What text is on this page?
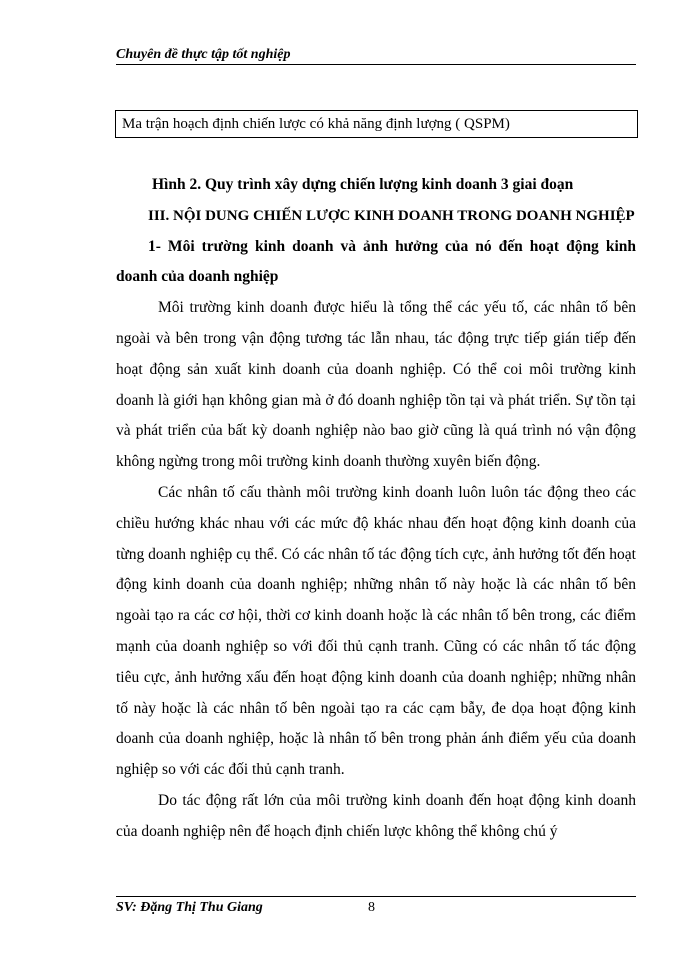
Chuyên đề thực tập tốt nghiệp
Ma trận hoạch định chiến lược có khả năng định lượng ( QSPM)

Hình 2. Quy trình xây dựng chiến lượng kinh doanh 3 giai đoạn

III. NỘI DUNG CHIẾN LƯỢC KINH DOANH TRONG DOANH NGHIỆP

1- Môi trường kinh doanh và ảnh hưởng của nó đến hoạt động kinh doanh của doanh nghiệp

Môi trường kinh doanh được hiểu là tổng thể các yếu tố, các nhân tố bên ngoài và bên trong vận động tương tác lẫn nhau, tác động trực tiếp gián tiếp đến hoạt động sản xuất kinh doanh của doanh nghiệp. Có thể coi môi trường kinh doanh là giới hạn không gian mà ở đó doanh nghiệp tồn tại và phát triển. Sự tồn tại và phát triển của bất kỳ doanh nghiệp nào bao giờ cũng là quá trình nó vận động không ngừng trong môi trường kinh doanh thường xuyên biến động.

Các nhân tố cấu thành môi trường kinh doanh luôn luôn tác động theo các chiều hướng khác nhau với các mức độ khác nhau đến hoạt động kinh doanh của từng doanh nghiệp cụ thể. Có các nhân tố tác động tích cực, ảnh hưởng tốt đến hoạt động kinh doanh của doanh nghiệp; những nhân tố này hoặc là các nhân tố bên ngoài tạo ra các cơ hội, thời cơ kinh doanh hoặc là các nhân tố bên trong, các điểm mạnh của doanh nghiệp so với đối thủ cạnh tranh. Cũng có các nhân tố tác động tiêu cực, ảnh hưởng xấu đến hoạt động kinh doanh của doanh nghiệp; những nhân tố này hoặc là các nhân tố bên ngoài tạo ra các cạm bẫy, đe dọa hoạt động kinh doanh của doanh nghiệp, hoặc là nhân tố bên trong phản ánh điểm yếu của doanh nghiệp so với các đối thủ cạnh tranh.

Do tác động rất lớn của môi trường kinh doanh đến hoạt động kinh doanh của doanh nghiệp nên để hoạch định chiến lược không thể không chú ý

SV: Đặng Thị Thu Giang	8
